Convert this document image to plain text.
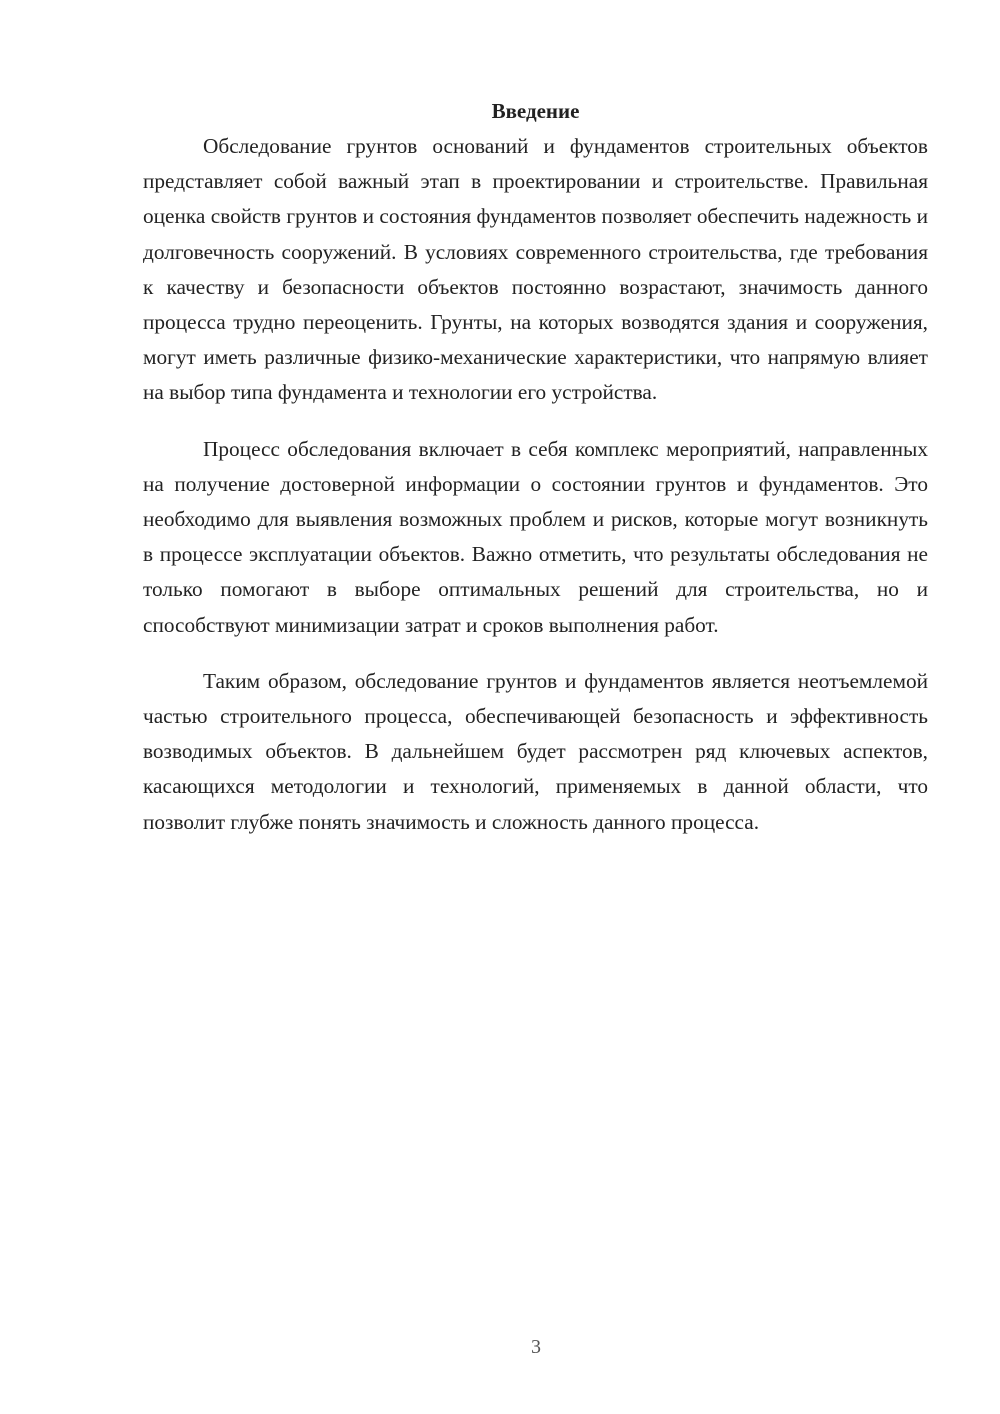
Введение

Обследование грунтов оснований и фундаментов строительных объектов представляет собой важный этап в проектировании и строительстве. Правильная оценка свойств грунтов и состояния фундаментов позволяет обеспечить надежность и долговечность сооружений. В условиях современного строительства, где требования к качеству и безопасности объектов постоянно возрастают, значимость данного процесса трудно переоценить. Грунты, на которых возводятся здания и сооружения, могут иметь различные физико-механические характеристики, что напрямую влияет на выбор типа фундамента и технологии его устройства.

Процесс обследования включает в себя комплекс мероприятий, направленных на получение достоверной информации о состоянии грунтов и фундаментов. Это необходимо для выявления возможных проблем и рисков, которые могут возникнуть в процессе эксплуатации объектов. Важно отметить, что результаты обследования не только помогают в выборе оптимальных решений для строительства, но и способствуют минимизации затрат и сроков выполнения работ.

Таким образом, обследование грунтов и фундаментов является неотъемлемой частью строительного процесса, обеспечивающей безопасность и эффективность возводимых объектов. В дальнейшем будет рассмотрен ряд ключевых аспектов, касающихся методологии и технологий, применяемых в данной области, что позволит глубже понять значимость и сложность данного процесса.

3
